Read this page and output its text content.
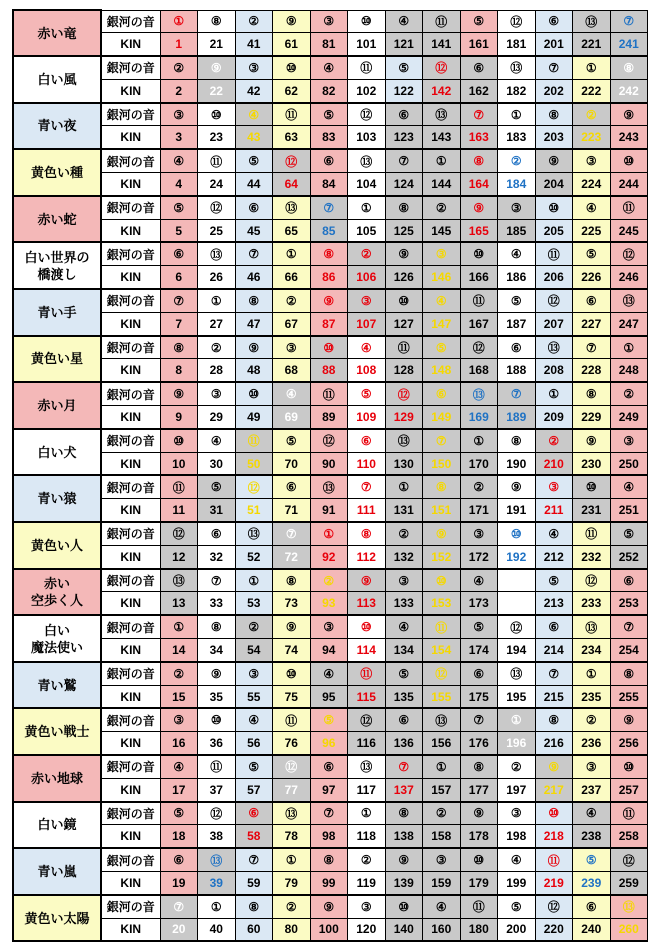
赤い竜	銀河の音	①	⑧	②	⑨	③	⑩	④	⑪	⑤	⑫	⑥	⑬	⑦
	KIN	1	21	41	61	81	101	121	141	161	181	201	221	241
白い風	銀河の音	②	⑨	③	⑩	④	⑪	⑤	⑫	⑥	⑬	⑦	①	⑧
	KIN	2	22	42	62	82	102	122	142	162	182	202	222	242
青い夜	銀河の音	③	⑩	④	⑪	⑤	⑫	⑥	⑬	⑦	①	⑧	②	⑨
	KIN	3	23	43	63	83	103	123	143	163	183	203	223	243
黄色い種	銀河の音	④	⑪	⑤	⑫	⑥	⑬	⑦	①	⑧	②	⑨	③	⑩
	KIN	4	24	44	64	84	104	124	144	164	184	204	224	244
赤い蛇	銀河の音	⑤	⑫	⑥	⑬	⑦	①	⑧	②	⑨	③	⑩	④	⑪
	KIN	5	25	45	65	85	105	125	145	165	185	205	225	245
白い世界の
橋渡し	銀河の音	⑥	⑬	⑦	①	⑧	②	⑨	③	⑩	④	⑪	⑤	⑫
	KIN	6	26	46	66	86	106	126	146	166	186	206	226	246
青い手	銀河の音	⑦	①	⑧	②	⑨	③	⑩	④	⑪	⑤	⑫	⑥	⑬
	KIN	7	27	47	67	87	107	127	147	167	187	207	227	247
黄色い星	銀河の音	⑧	②	⑨	③	⑩	④	⑪	⑤	⑫	⑥	⑬	⑦	①
	KIN	8	28	48	68	88	108	128	148	168	188	208	228	248
赤い月	銀河の音	⑨	③	⑩	④	⑪	⑤	⑫	⑥	⑬	⑦	①	⑧	②
	KIN	9	29	49	69	89	109	129	149	169	189	209	229	249
白い犬	銀河の音	⑩	④	⑪	⑤	⑫	⑥	⑬	⑦	①	⑧	②	⑨	③
	KIN	10	30	50	70	90	110	130	150	170	190	210	230	250
青い猿	銀河の音	⑪	⑤	⑫	⑥	⑬	⑦	①	⑧	②	⑨	③	⑩	④
	KIN	11	31	51	71	91	111	131	151	171	191	211	231	251
黄色い人	銀河の音	⑫	⑥	⑬	⑦	①	⑧	②	⑨	③	⑩	④	⑪	⑤
	KIN	12	32	52	72	92	112	132	152	172	192	212	232	252
赤い
空歩く人	銀河の音	⑬	⑦	①	⑧	②	⑨	③	⑩	④	⑪	⑤	⑫	⑥
	KIN	13	33	53	73	93	113	133	153	173	193	213	233	253
白い
魔法使い	銀河の音	①	⑧	②	⑨	③	⑩	④	⑪	⑤	⑫	⑥	⑬	⑦
	KIN	14	34	54	74	94	114	134	154	174	194	214	234	254
青い鷲	銀河の音	②	⑨	③	⑩	④	⑪	⑤	⑫	⑥	⑬	⑦	①	⑧
	KIN	15	35	55	75	95	115	135	155	175	195	215	235	255
黄色い戦士	銀河の音	③	⑩	④	⑪	⑤	⑫	⑥	⑬	⑦	①	⑧	②	⑨
	KIN	16	36	56	76	96	116	136	156	176	196	216	236	256
赤い地球	銀河の音	④	⑪	⑤	⑫	⑥	⑬	⑦	①	⑧	②	⑨	③	⑩
	KIN	17	37	57	77	97	117	137	157	177	197	217	237	257
白い鏡	銀河の音	⑤	⑫	⑥	⑬	⑦	①	⑧	②	⑨	③	⑩	④	⑪
	KIN	18	38	58	78	98	118	138	158	178	198	218	238	258
青い嵐	銀河の音	⑥	⑬	⑦	①	⑧	②	⑨	③	⑩	④	⑪	⑤	⑫
	KIN	19	39	59	79	99	119	139	159	179	199	219	239	259
黄色い太陽	銀河の音	⑦	①	⑧	②	⑨	③	⑩	④	⑪	⑤	⑫	⑥	⑬
	KIN	20	40	60	80	100	120	140	160	180	200	220	240	260
